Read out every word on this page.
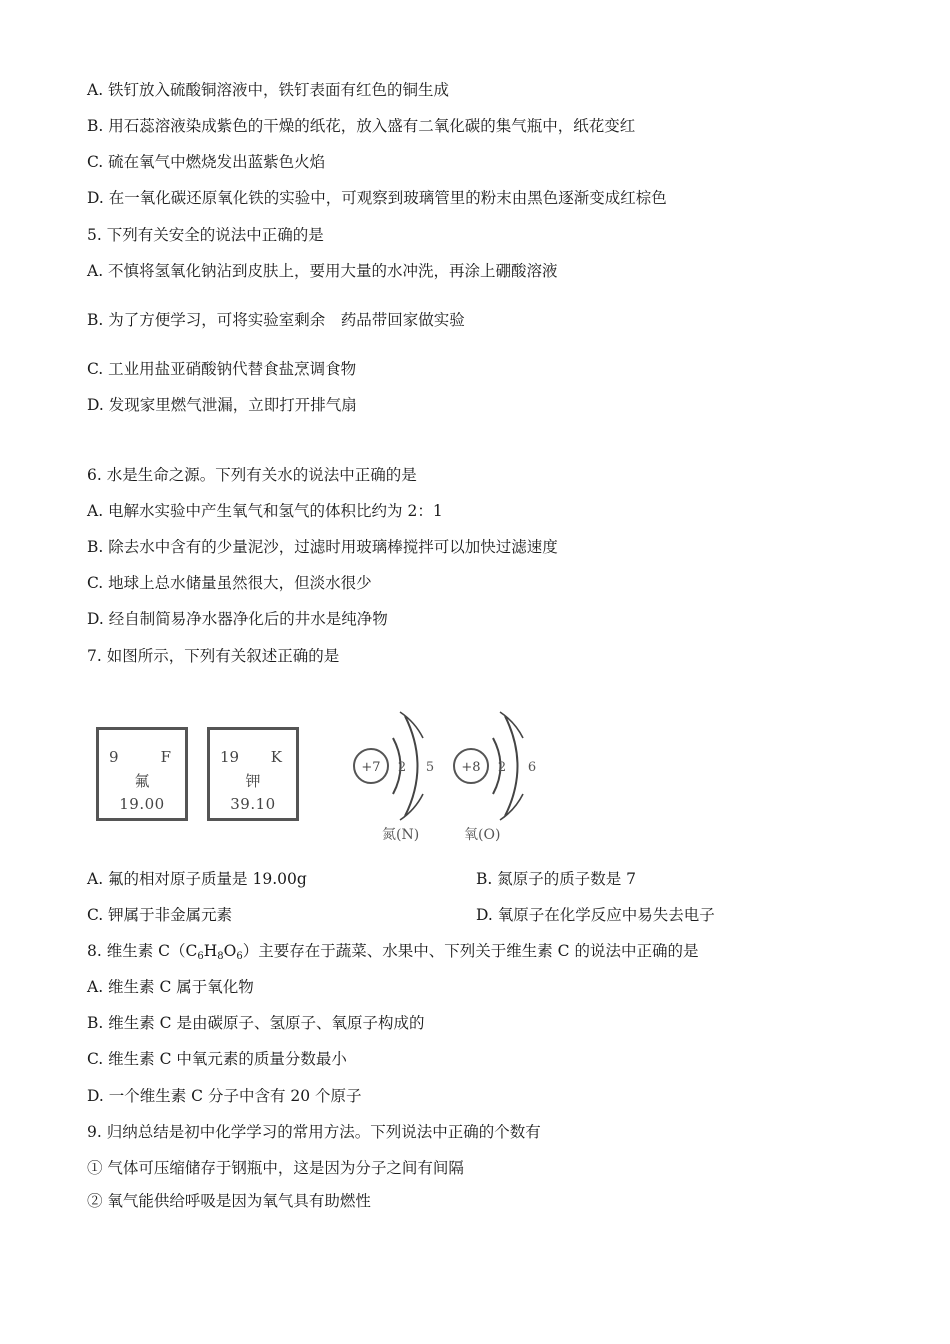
A. 铁钉放入硫酸铜溶液中，铁钉表面有红色的铜生成
B. 用石蕊溶液染成紫色的干燥的纸花，放入盛有二氧化碳的集气瓶中，纸花变红
C. 硫在氧气中燃烧发出蓝紫色火焰
D. 在一氧化碳还原氧化铁的实验中，可观察到玻璃管里的粉末由黑色逐渐变成红棕色
5. 下列有关安全的说法中正确的是
A. 不慎将氢氧化钠沾到皮肤上，要用大量的水冲洗，再涂上硼酸溶液
B. 为了方便学习，可将实验室剩余　药品带回家做实验
C. 工业用盐亚硝酸钠代替食盐烹调食物
D. 发现家里燃气泄漏，立即打开排气扇
6. 水是生命之源。下列有关水的说法中正确的是
A. 电解水实验中产生氧气和氢气的体积比约为 2：1
B. 除去水中含有的少量泥沙，过滤时用玻璃棒搅拌可以加快过滤速度
C. 地球上总水储量虽然很大，但淡水很少
D. 经自制简易净水器净化后的井水是纯净物
7. 如图所示，下列有关叙述正确的是
9	F
氟
19.00
19 K
钾
39.10
+7 2 5 +8 2 6
氮(N)	氧(O)
A. 氟的相对原子质量是 19.00g	B. 氮原子的质子数是 7
C. 钾属于非金属元素	D. 氧原子在化学反应中易失去电子
8. 维生素 $C(C_6H_8O_6)$主要存在于蔬菜、水果中、下列关于维生素 C 的说法中正确的是
A. 维生素 C 属于氧化物
B. 维生素 C 是由碳原子、氢原子、氧原子构成的
C. 维生素 C 中氧元素的质量分数最小
D. 一个维生素 C 分子中含有 20 个原子
9. 归纳总结是初中化学学习的常用方法。下列说法中正确的个数有
① 气体可压缩储存于钢瓶中，这是因为分子之间有间隔
② 氧气能供给呼吸是因为氧气具有助燃性
